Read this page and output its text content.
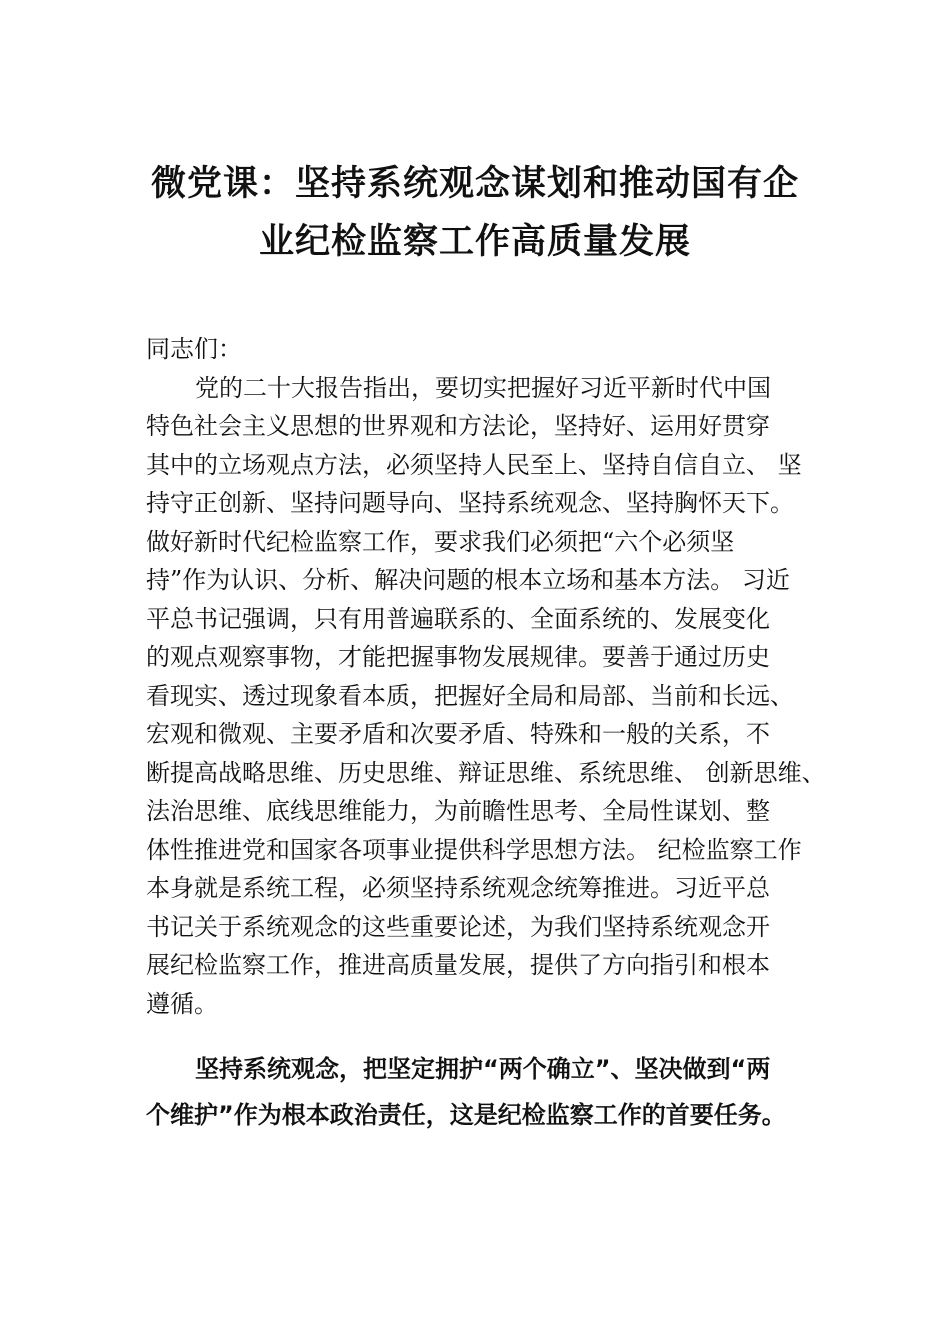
微党课：坚持系统观念谋划和推动国有企
业纪检监察工作高质量发展
同志们：
党的二十大报告指出，要切实把握好习近平新时代中国
特色社会主义思想的世界观和方法论，坚持好、运用好贯穿
其中的立场观点方法，必须坚持人民至上、坚持自信自立、 坚
持守正创新、坚持问题导向、坚持系统观念、坚持胸怀天下。
做好新时代纪检监察工作，要求我们必须把“六个必须坚
持”作为认识、分析、解决问题的根本立场和基本方法。 习近
平总书记强调，只有用普遍联系的、全面系统的、发展变化
的观点观察事物，才能把握事物发展规律。要善于通过历史
看现实、透过现象看本质，把握好全局和局部、当前和长远、
宏观和微观、主要矛盾和次要矛盾、特殊和一般的关系，不
断提高战略思维、历史思维、辩证思维、系统思维、 创新思维、
法治思维、底线思维能力，为前瞻性思考、全局性谋划、整
体性推进党和国家各项事业提供科学思想方法。 纪检监察工作
本身就是系统工程，必须坚持系统观念统筹推进。习近平总
书记关于系统观念的这些重要论述，为我们坚持系统观念开
展纪检监察工作，推进高质量发展，提供了方向指引和根本
遵循。
坚持系统观念，把坚定拥护“两个确立”、坚决做到“两
个维护”作为根本政治责任，这是纪检监察工作的首要任务。
